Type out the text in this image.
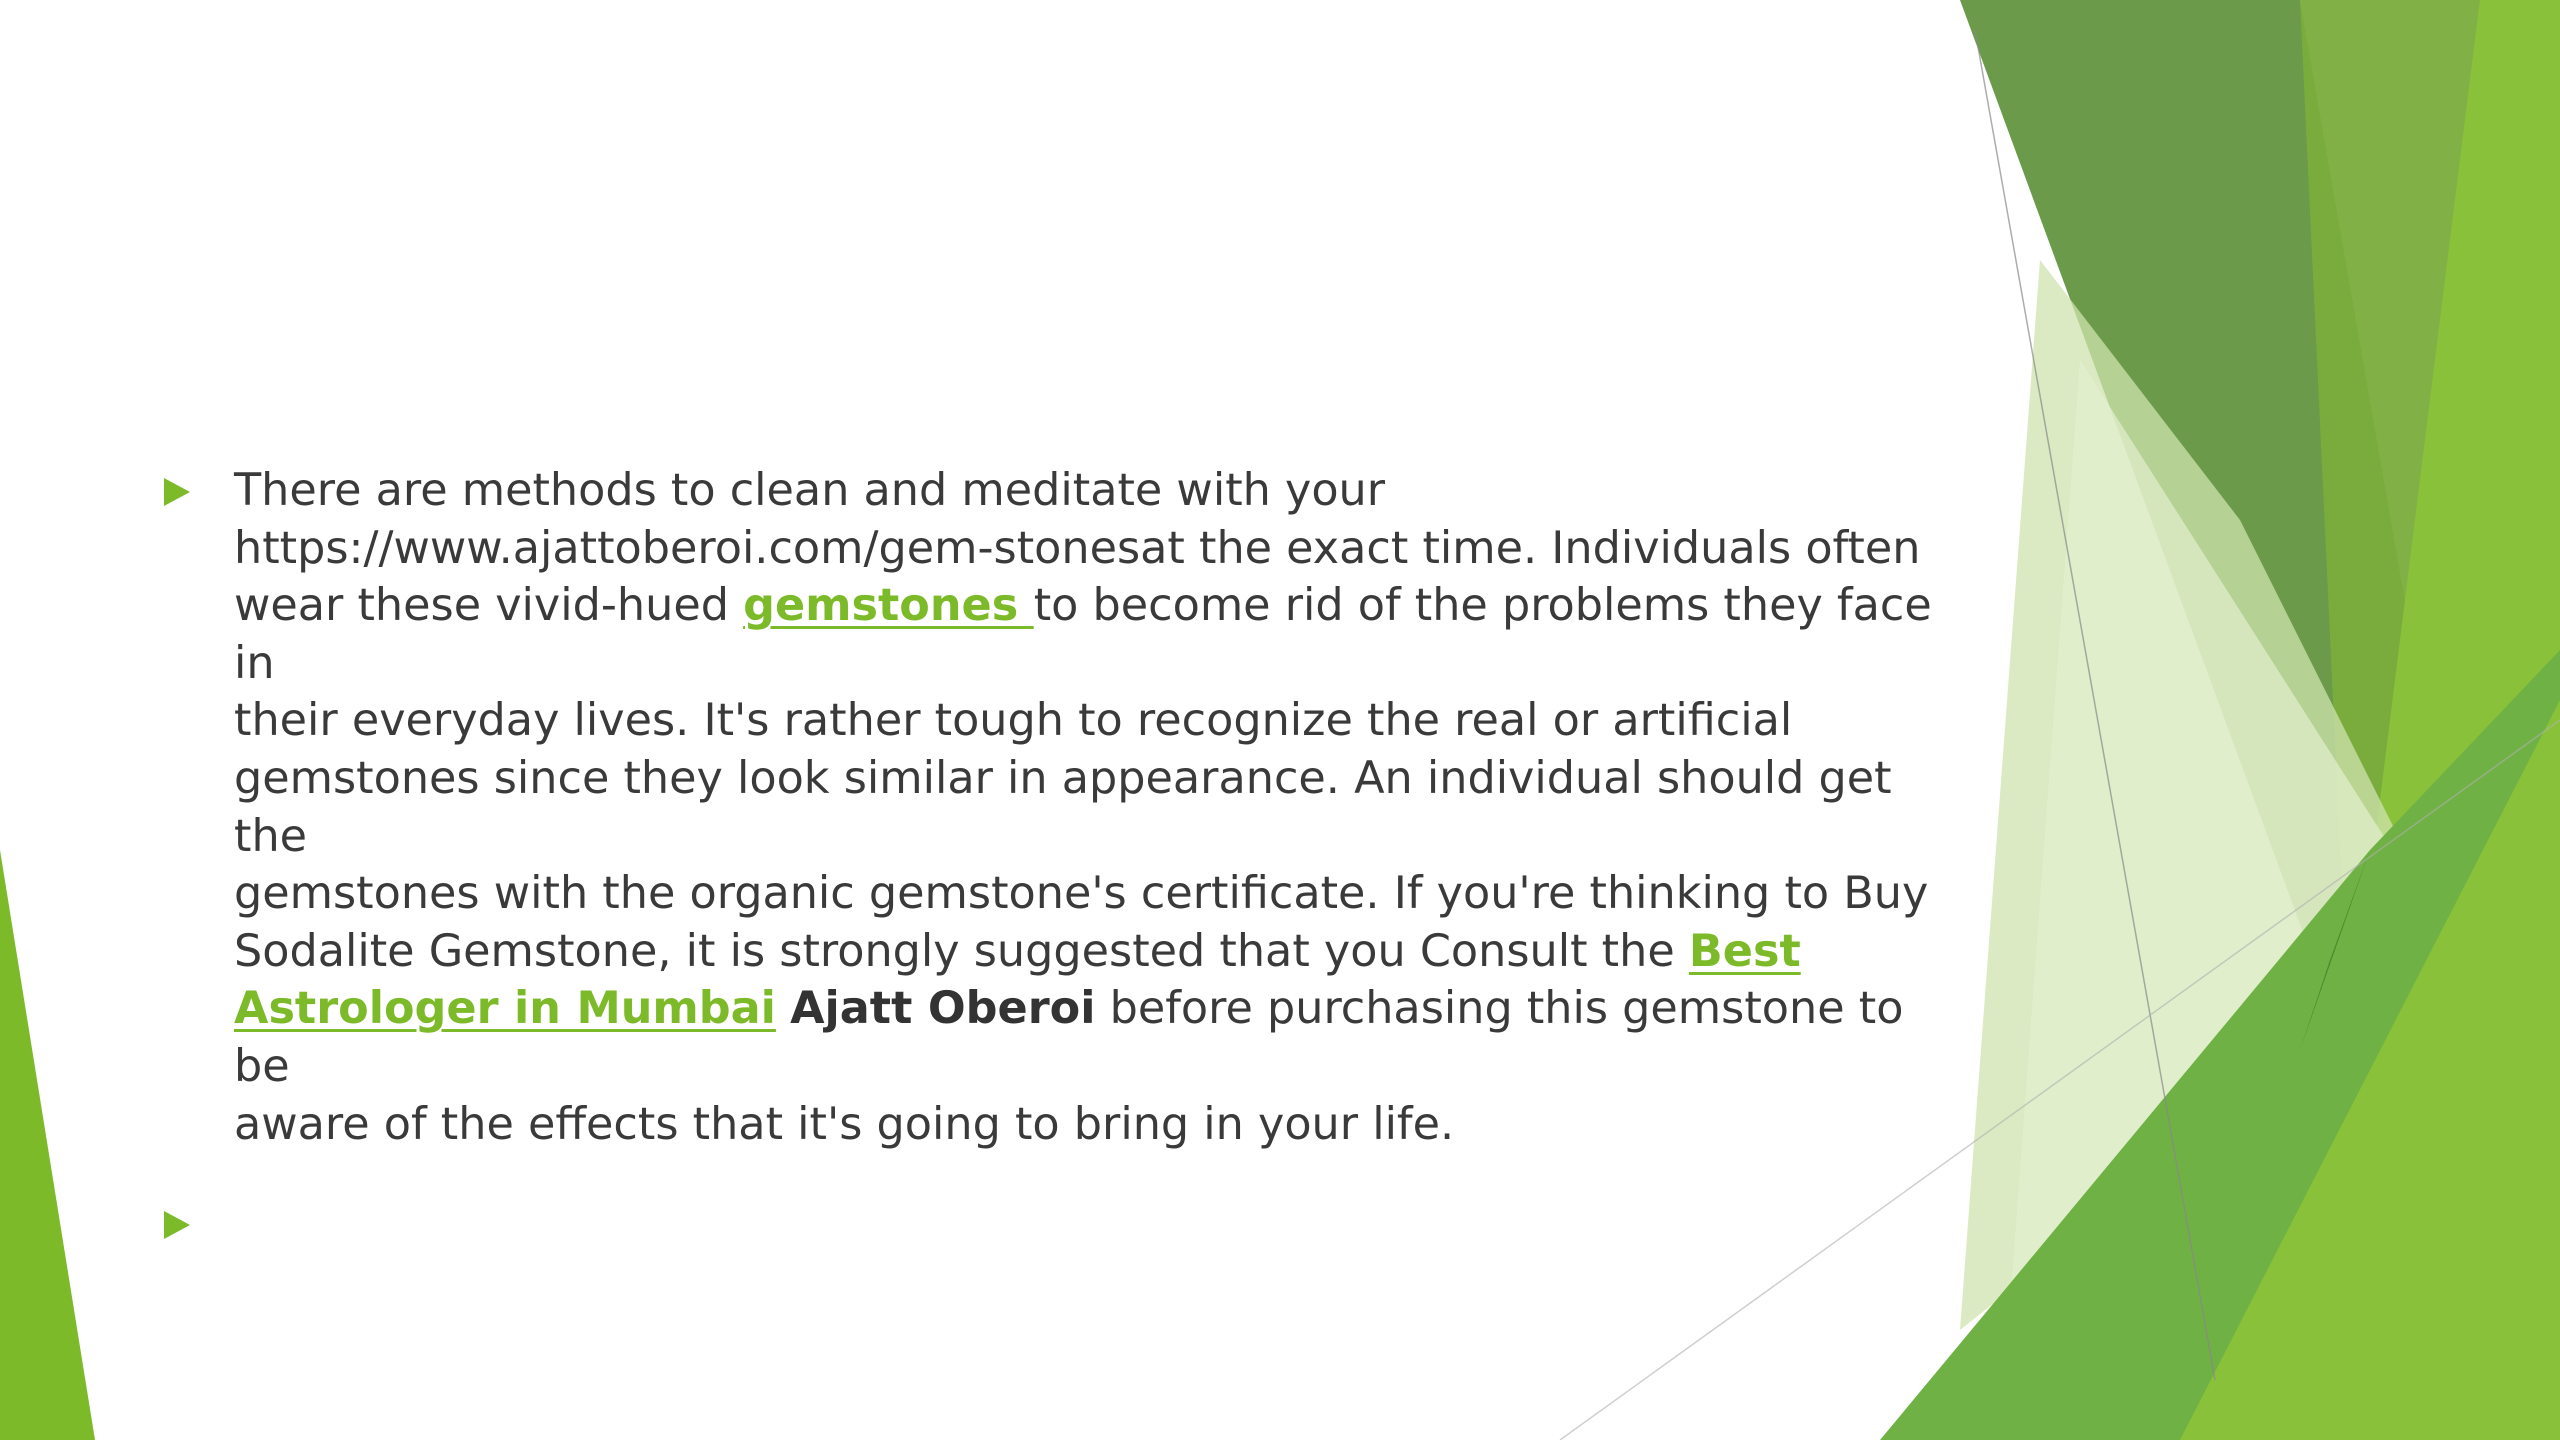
There are methods to clean and meditate with your
https://www.ajattoberoi.com/gem-stonesat the exact time. Individuals often
wear these vivid-hued gemstones to become rid of the problems they face in
their everyday lives. It's rather tough to recognize the real or artificial
gemstones since they look similar in appearance. An individual should get the
gemstones with the organic gemstone's certificate. If you're thinking to Buy
Sodalite Gemstone, it is strongly suggested that you Consult the Best
Astrologer in Mumbai Ajatt Oberoi before purchasing this gemstone to be
aware of the effects that it's going to bring in your life.
